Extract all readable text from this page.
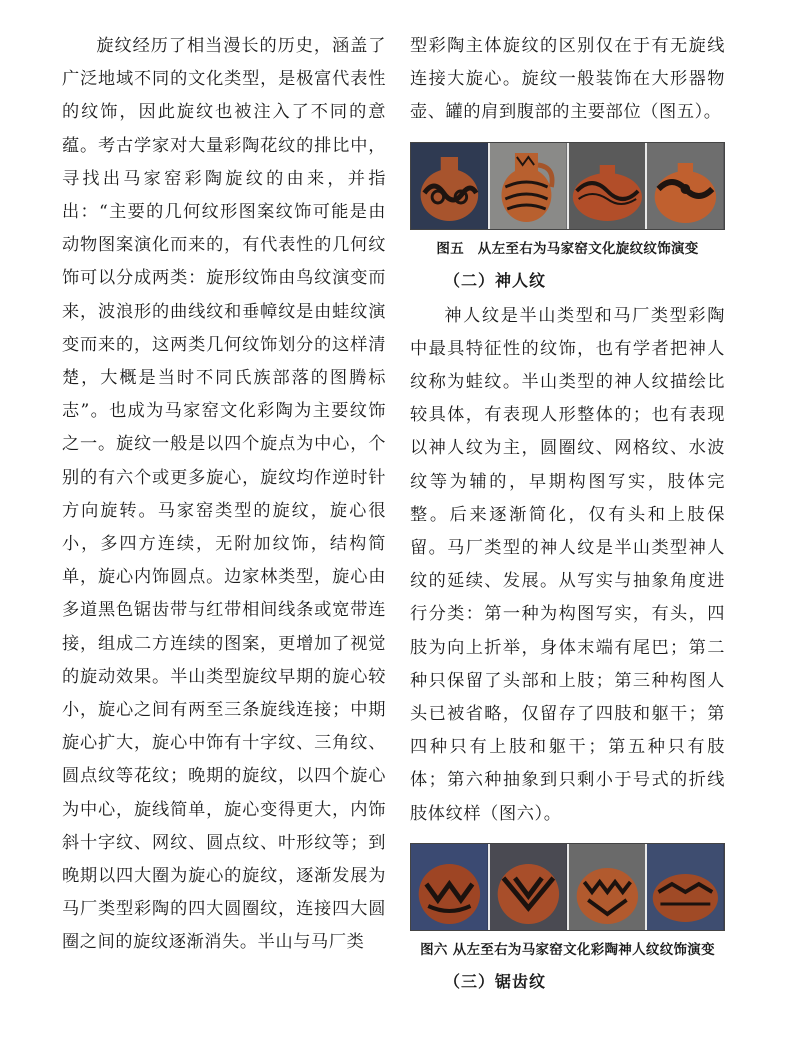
旋纹经历了相当漫长的历史，涵盖了广泛地域不同的文化类型，是极富代表性的纹饰，因此旋纹也被注入了不同的意蕴。考古学家对大量彩陶花纹的排比中，寻找出马家窑彩陶旋纹的由来，并指出：“主要的几何纹形图案纹饰可能是由动物图案演化而来的，有代表性的几何纹饰可以分成两类：旋形纹饰由鸟纹演变而来，波浪形的曲线纹和垂幛纹是由蛙纹演变而来的，这两类几何纹饰划分的这样清楚，大概是当时不同氏族部落的图腾标志”。也成为马家窑文化彩陶为主要纹饰之一。旋纹一般是以四个旋点为中心，个别的有六个或更多旋心，旋纹均作逆时针方向旋转。马家窑类型的旋纹，旋心很小，多四方连续，无附加纹饰，结构简单，旋心内饰圆点。边家林类型，旋心由多道黑色锯齿带与红带相间线条或宽带连接，组成二方连续的图案，更增加了视觉的旋动效果。半山类型旋纹早期的旋心较小，旋心之间有两至三条旋线连接；中期旋心扩大，旋心中饰有十字纹、三角纹、圆点纹等花纹；晚期的旋纹，以四个旋心为中心，旋线简单，旋心变得更大，内饰斜十字纹、网纹、圆点纹、叶形纹等；到晚期以四大圈为旋心的旋纹，逐渐发展为马厂类型彩陶的四大圆圈纹，连接四大圆圈之间的旋纹逐渐消失。半山与马厂类

型彩陶主体旋纹的区别仅在于有无旋线连接大旋心。旋纹一般装饰在大形器物壶、罐的肩到腹部的主要部位（图五）。

图五　从左至右为马家窑文化旋纹纹饰演变

（二）神人纹

神人纹是半山类型和马厂类型彩陶中最具特征性的纹饰，也有学者把神人纹称为蛙纹。半山类型的神人纹描绘比较具体，有表现人形整体的；也有表现以神人纹为主，圆圈纹、网格纹、水波纹等为辅的，早期构图写实，肢体完整。后来逐渐简化，仅有头和上肢保留。马厂类型的神人纹是半山类型神人纹的延续、发展。从写实与抽象角度进行分类：第一种为构图写实，有头，四肢为向上折举，身体末端有尾巴；第二种只保留了头部和上肢；第三种构图人头已被省略，仅留存了四肢和躯干；第四种只有上肢和躯干；第五种只有肢体；第六种抽象到只剩小于号式的折线肢体纹样（图六）。

图六 从左至右为马家窑文化彩陶神人纹纹饰演变

（三）锯齿纹
